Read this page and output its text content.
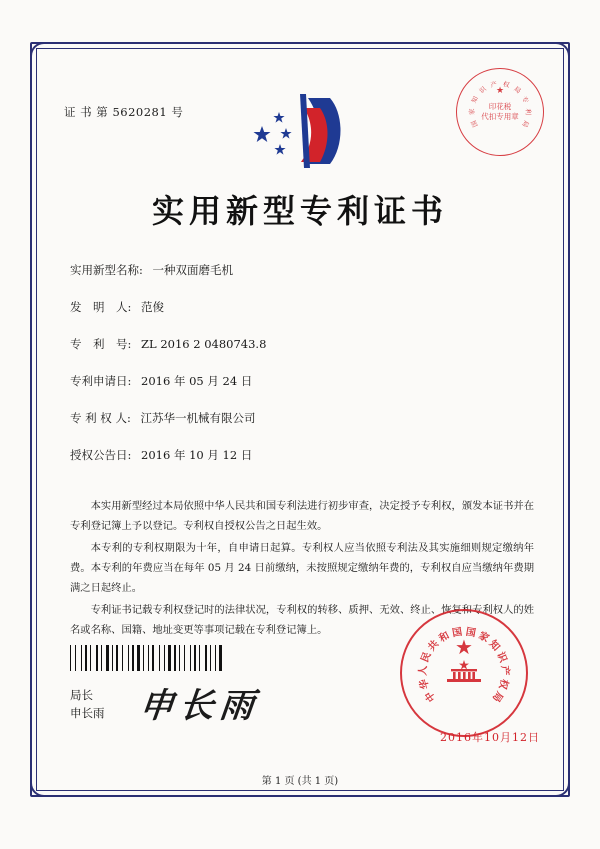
证 书 第 5620281 号
国
家
知
识
产 权
局
专
利
局
★
印花税
代扣专用章
实用新型专利证书
实用新型名称: 一种双面磨毛机
发　明　人: 范俊
专　利　号: ZL 2016 2 0480743.8
专利申请日: 2016 年 05 月 24 日
专 利 权 人: 江苏华一机械有限公司
授权公告日: 2016 年 10 月 12 日

本实用新型经过本局依照中华人民共和国专利法进行初步审查，决定授予专利权，颁发本证书并在专利登记簿上予以登记。专利权自授权公告之日起生效。

本专利的专利权期限为十年，自申请日起算。专利权人应当依照专利法及其实施细则规定缴纳年费。本专利的年费应当在每年 05 月 24 日前缴纳，未按照规定缴纳年费的，专利权自应当缴纳年费期满之日起终止。

专利证书记载专利权登记时的法律状况，专利权的转移、质押、无效、终止、恢复和专利权人的姓名或名称、国籍、地址变更等事项记载在专利登记簿上。

局长
申长雨 申长雨	中
华
人
民
共
和 国 国 家
知
识
产
权
局
★
2016年10月12日
第 1 页 (共 1 页)
